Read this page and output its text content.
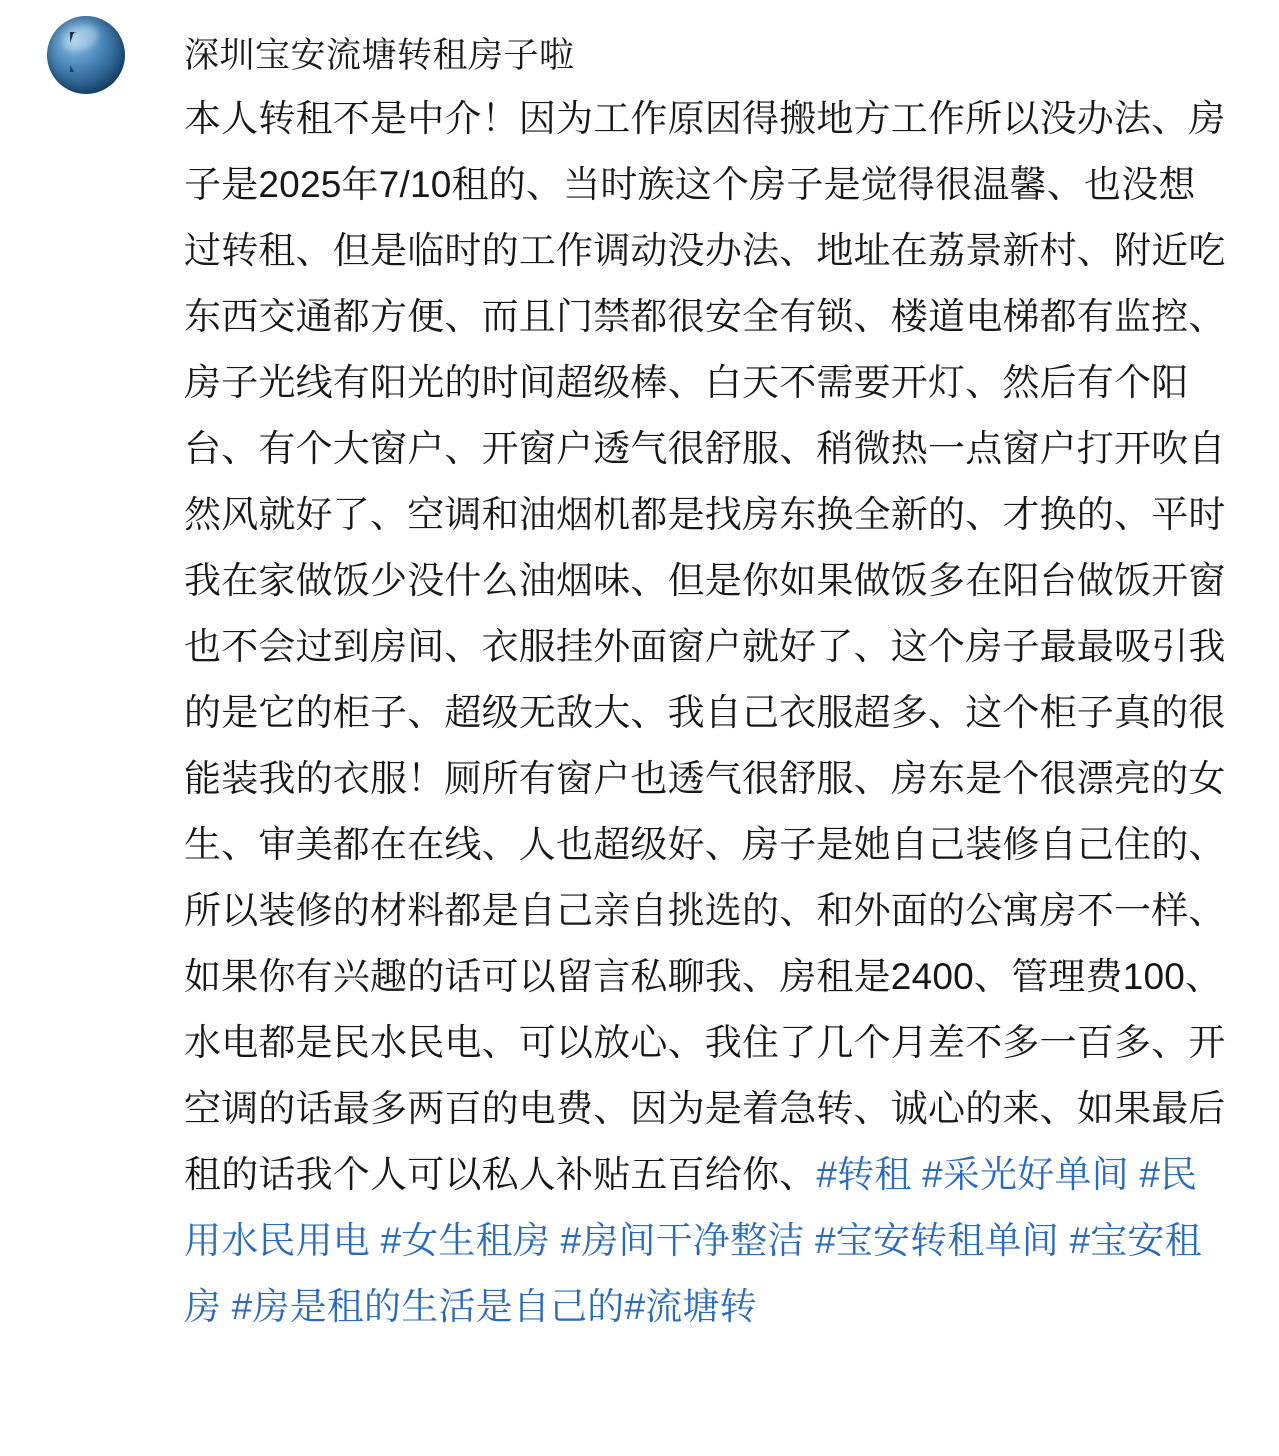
深圳宝安流塘转租房子啦
本人转租不是中介！因为工作原因得搬地方工作所以没办法、房子是2025年7/10租的、当时族这个房子是觉得很温馨、也没想过转租、但是临时的工作调动没办法、地址在荔景新村、附近吃东西交通都方便、而且门禁都很安全有锁、楼道电梯都有监控、房子光线有阳光的时间超级棒、白天不需要开灯、然后有个阳台、有个大窗户、开窗户透气很舒服、稍微热一点窗户打开吹自然风就好了、空调和油烟机都是找房东换全新的、才换的、平时我在家做饭少没什么油烟味、但是你如果做饭多在阳台做饭开窗也不会过到房间、衣服挂外面窗户就好了、这个房子最最吸引我的是它的柜子、超级无敌大、我自己衣服超多、这个柜子真的很能装我的衣服！厕所有窗户也透气很舒服、房东是个很漂亮的女生、审美都在在线、人也超级好、房子是她自己装修自己住的、所以装修的材料都是自己亲自挑选的、和外面的公寓房不一样、如果你有兴趣的话可以留言私聊我、房租是2400、管理费100、水电都是民水民电、可以放心、我住了几个月差不多一百多、开空调的话最多两百的电费、因为是着急转、诚心的来、如果最后租的话我个人可以私人补贴五百给你、#转租 #采光好单间 #民用水民用电 #女生租房 #房间干净整洁 #宝安转租单间 #宝安租房 #房是租的生活是自己的#流塘转
